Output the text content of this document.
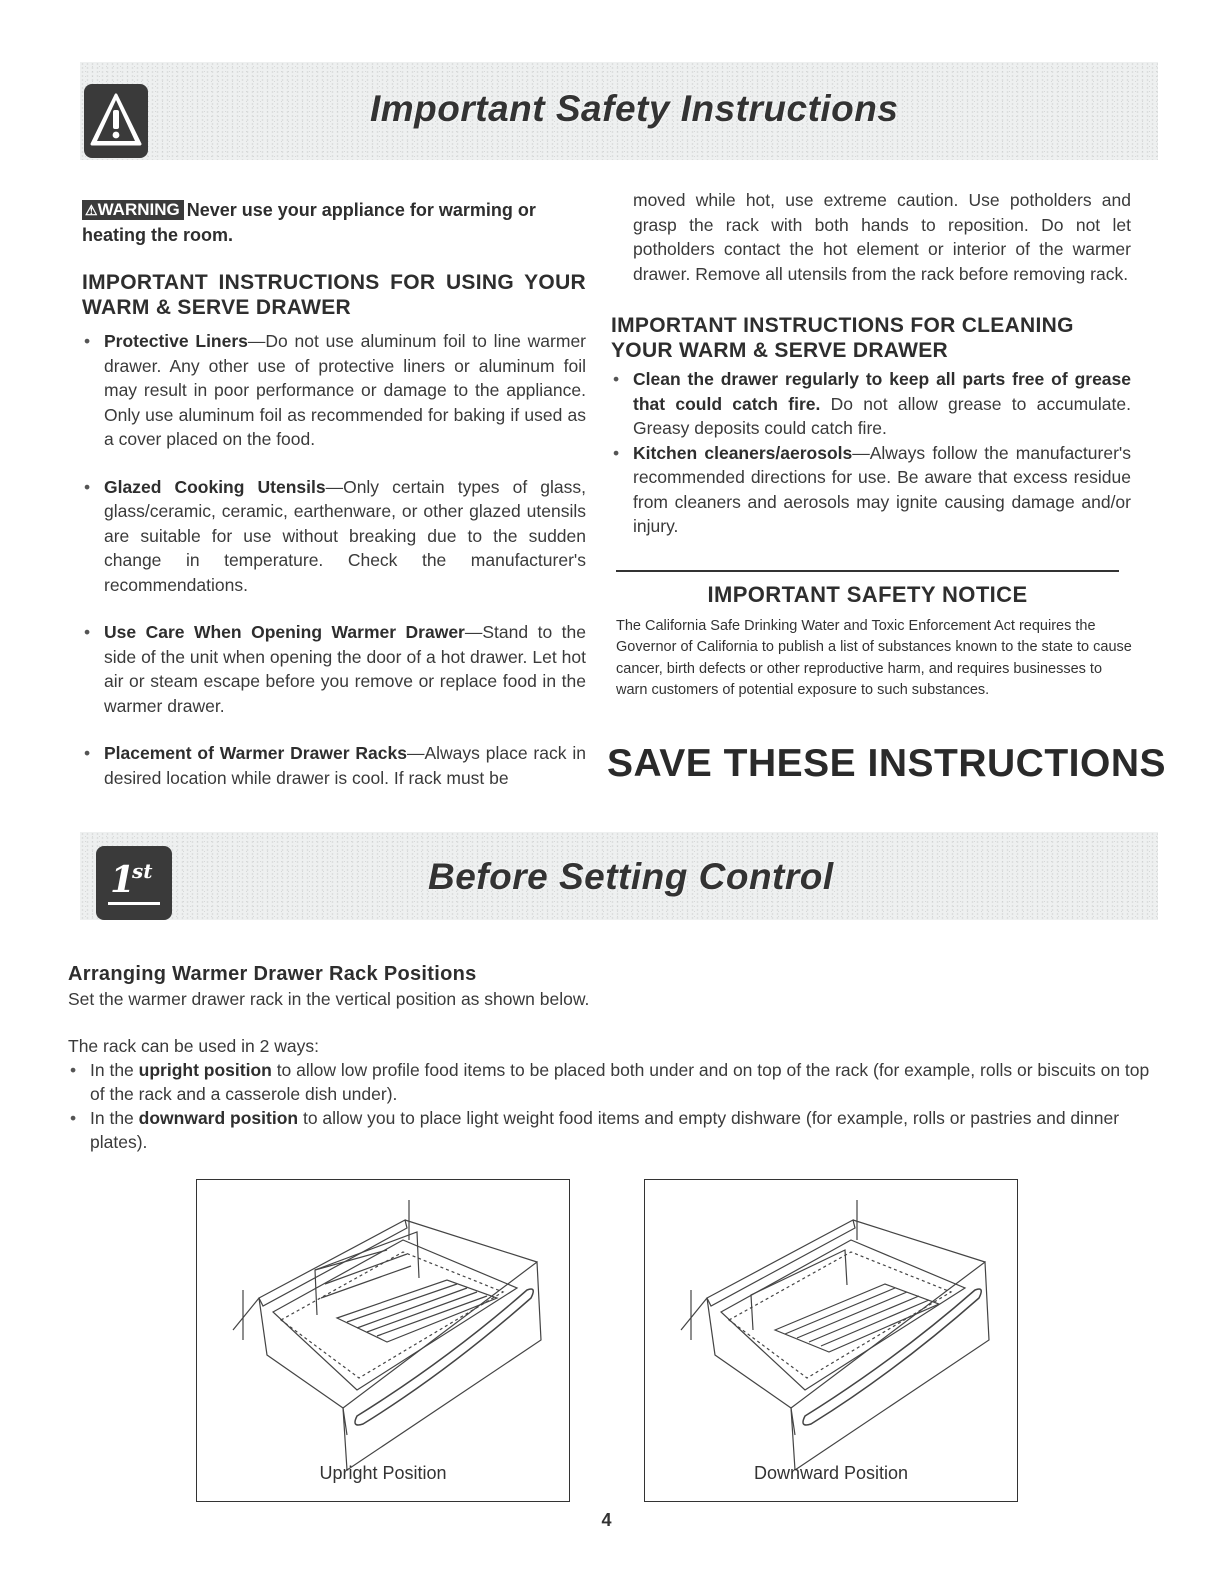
Important Safety Instructions
⚠WARNING Never use your appliance for warming or heating the room.
IMPORTANT INSTRUCTIONS FOR USING YOUR WARM & SERVE DRAWER
• Protective Liners—Do not use aluminum foil to line warmer drawer. Any other use of protective liners or aluminum foil may result in poor performance or damage to the appliance. Only use aluminum foil as recommended for baking if used as a cover placed on the food.
• Glazed Cooking Utensils—Only certain types of glass, glass/ceramic, ceramic, earthenware, or other glazed utensils are suitable for use without breaking due to the sudden change in temperature. Check the manufacturer's recommendations.
• Use Care When Opening Warmer Drawer—Stand to the side of the unit when opening the door of a hot drawer. Let hot air or steam escape before you remove or replace food in the warmer drawer.
• Placement of Warmer Drawer Racks—Always place rack in desired location while drawer is cool. If rack must be
moved while hot, use extreme caution. Use potholders and grasp the rack with both hands to reposition. Do not let potholders contact the hot element or interior of the warmer drawer. Remove all utensils from the rack before removing rack.
IMPORTANT INSTRUCTIONS FOR CLEANING YOUR WARM & SERVE DRAWER
• Clean the drawer regularly to keep all parts free of grease that could catch fire. Do not allow grease to accumulate. Greasy deposits could catch fire.
• Kitchen cleaners/aerosols—Always follow the manufacturer's recommended directions for use. Be aware that excess residue from cleaners and aerosols may ignite causing damage and/or injury.
IMPORTANT SAFETY NOTICE
The California Safe Drinking Water and Toxic Enforcement Act requires the Governor of California to publish a list of substances known to the state to cause cancer, birth defects or other reproductive harm, and requires businesses to warn customers of potential exposure to such substances.
SAVE THESE INSTRUCTIONS
1
st	Before Setting Control
Arranging Warmer Drawer Rack Positions
Set the warmer drawer rack in the vertical position as shown below.
The rack can be used in 2 ways:
• In the upright position to allow low profile food items to be placed both under and on top of the rack (for example, rolls or biscuits on top of the rack and a casserole dish under).
• In the downward position to allow you to place light weight food items and empty dishware (for example, rolls or pastries and dinner plates).
Upright Position	Downward Position
4
